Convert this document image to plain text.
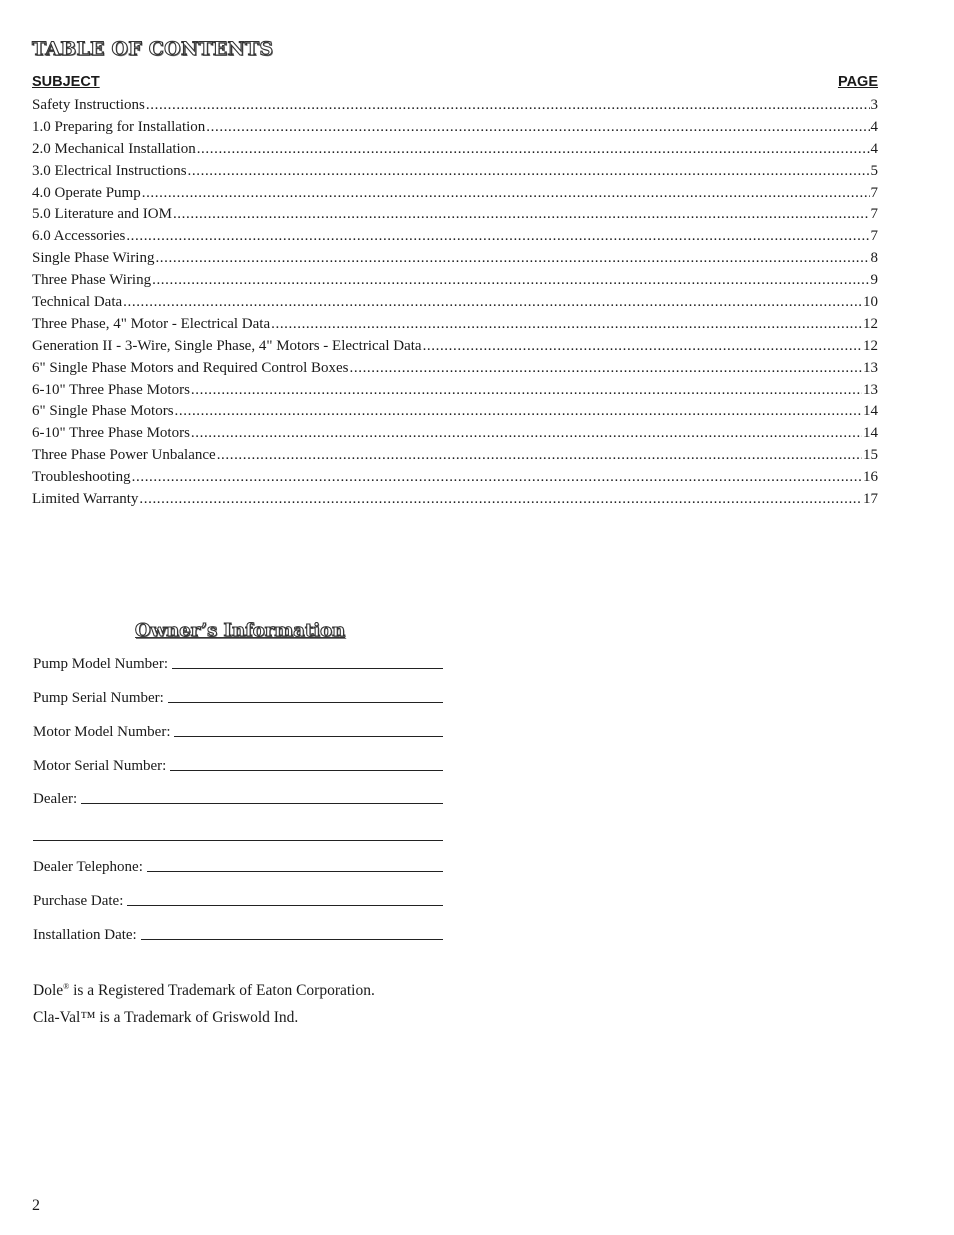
TABLE OF CONTENTS
SUBJECT	PAGE
Safety Instructions .....	3
1.0 Preparing for Installation .....	4
2.0 Mechanical Installation .....	4
3.0 Electrical Instructions .....	5
4.0 Operate Pump .....	7
5.0 Literature and IOM .....	7
6.0 Accessories .....	7
Single Phase Wiring .....	8
Three Phase Wiring .....	9
Technical Data .....	10
Three Phase, 4" Motor - Electrical Data .....	12
Generation II - 3-Wire, Single Phase, 4" Motors - Electrical Data .....	12
6" Single Phase Motors and Required Control Boxes .....	13
6-10" Three Phase Motors .....	13
6" Single Phase Motors .....	14
6-10" Three Phase Motors .....	14
Three Phase Power Unbalance .....	15
Troubleshooting .....	16
Limited Warranty .....	17
Owner’s Information
Pump Model Number:
Pump Serial Number:
Motor Model Number:
Motor Serial Number:
Dealer:
Dealer Telephone:
Purchase Date:
Installation Date:
Dole® is a Registered Trademark of Eaton Corporation.
Cla-Val™ is a Trademark of Griswold Ind.
2
